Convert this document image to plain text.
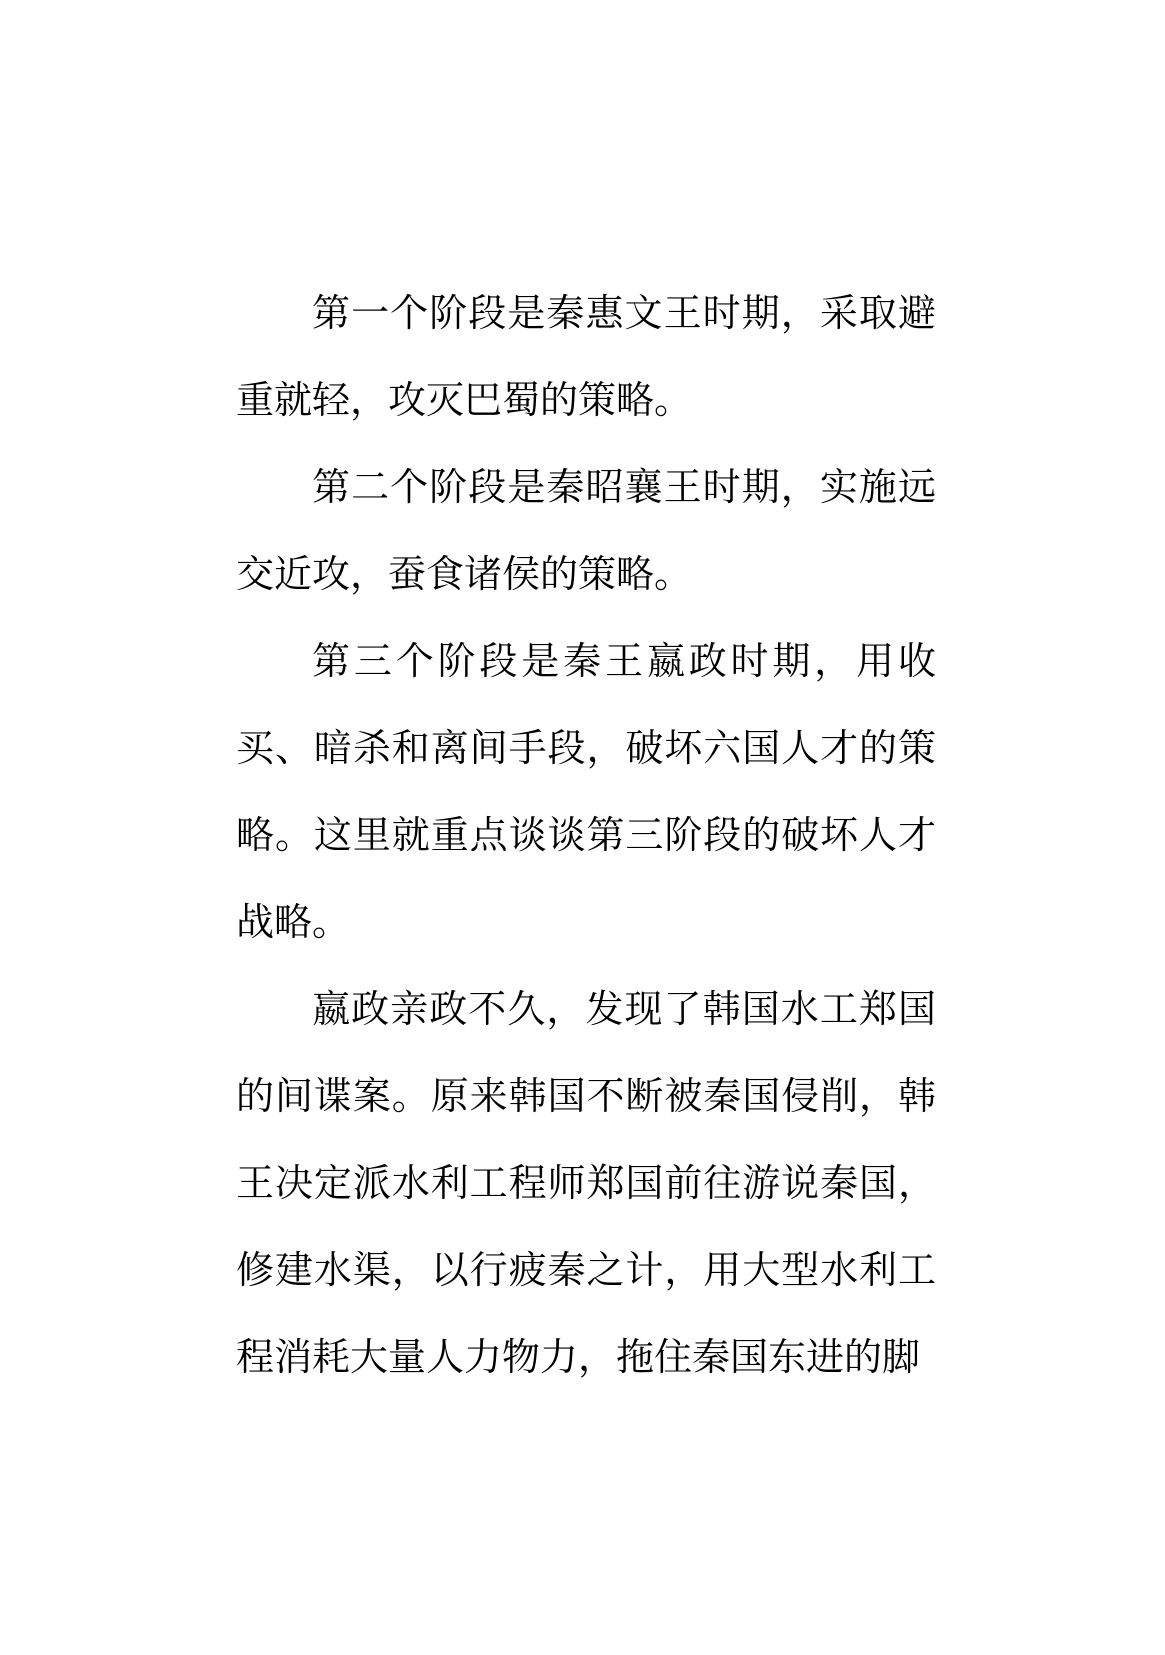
第一个阶段是秦惠文王时期，采取避重就轻，攻灭巴蜀的策略。

第二个阶段是秦昭襄王时期，实施远交近攻，蚕食诸侯的策略。

第三个阶段是秦王嬴政时期，用收买、暗杀和离间手段，破坏六国人才的策略。这里就重点谈谈第三阶段的破坏人才战略。

嬴政亲政不久，发现了韩国水工郑国的间谍案。原来韩国不断被秦国侵削，韩王决定派水利工程师郑国前往游说秦国，修建水渠，以行疲秦之计，用大型水利工程消耗大量人力物力，拖住秦国东进的脚
